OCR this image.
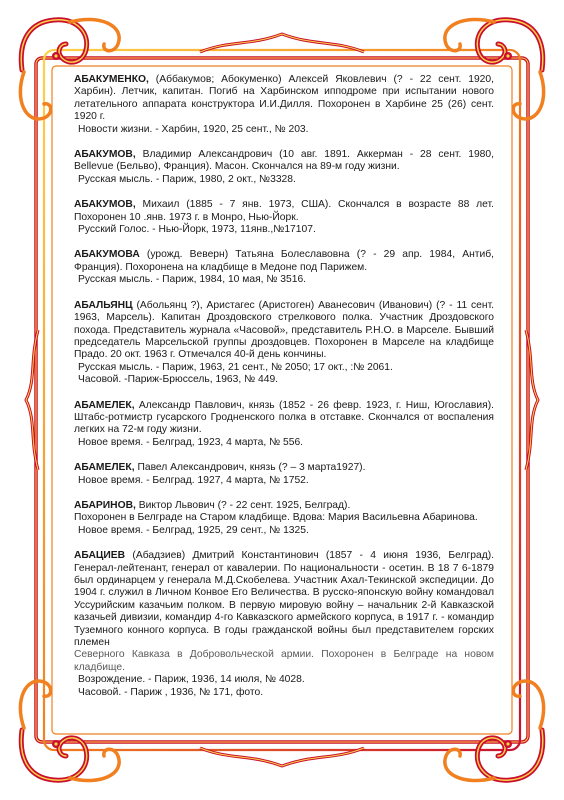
АБАКУМЕНКО, (Аббакумов; Абокуменко) Алексей Яковлевич (? - 22 сент. 1920, Харбин). Летчик, капитан. Погиб на Харбинском ипподроме при испытании нового летательного аппарата конструктора И.И.Дилля. Похоронен в Харбине 25 (26) сент. 1920 г.

Новости жизни. - Харбин, 1920, 25 сент., № 203.

АБАКУМОВ, Владимир Александрович (10 авг. 1891. Аккерман - 28 сент. 1980, Bellevue (Бельво), Франция). Масон. Скончался на 89-м году жизни.

Русская мысль. - Париж, 1980, 2 окт., №3328.

АБАКУМОВ, Михаил (1885 - 7 янв. 1973, США). Скончался в возрасте 88 лет. Похоронен 10 .янв. 1973 г. в Монро, Нью-Йорк.

Русский Голос. - Нью-Йорк, 1973, 11янв.,№17107.

АБАКУМОВА (урожд. Веверн) Татьяна Болеславовна (? - 29 апр. 1984, Антиб, Франция). Похоронена на кладбище в Медоне под Парижем.

Русская мысль. - Париж, 1984, 10 мая, № 3516.

АБАЛЬЯНЦ (Абольянц ?), Аристагес (Аристоген) Аванесович (Иванович) (? - 11 сент. 1963, Марсель). Капитан Дроздовского стрелкового полка. Участник Дроздовского похода. Представитель журнала «Часовой», представитель Р.Н.О. в Марселе. Бывший председатель Марсельской группы дроздовцев. Похоронен в Марселе на кладбище Прадо. 20 окт. 1963 г. Отмечался 40-й день кончины.

Русская мысль. - Париж, 1963, 21 сент., № 2050; 17 окт., :№ 2061.

Часовой. -Париж-Брюссель, 1963, № 449.

АБАМЕЛЕК, Александр Павлович, князь (1852 - 26 февр. 1923, г. Ниш, Югославия). Штабс-ротмистр гусарского Гродненского полка в отставке. Скончался от воспаления легких на 72-м году жизни.

Новое время. - Белград, 1923, 4 марта, № 556.

АБАМЕЛЕК, Павел Александрович, князь (? – 3 марта1927).

Новое время. - Белград. 1927, 4 марта, № 1752.

АБАРИНОВ, Виктор Львович (? - 22 сент. 1925, Белград).

Похоронен в Белграде на Старом кладбище. Вдова: Мария Васильевна Абаринова.

Новое время. - Белград, 1925, 29 сент., № 1325.

АБАЦИЕВ (Абадзиев) Дмитрий Константинович (1857 - 4 июня 1936, Белград). Генерал-лейтенант, генерал от кавалерии. По национальности - осетин. В 18 7 6-1879 был ординарцем у генерала М.Д.Скобелева. Участник Ахал-Текинской экспедиции. До 1904 г. служил в Личном Конвое Его Величества. В русско-японскую войну командовал Уссурийским казачьим полком. В первую мировую войну – начальник 2-й Кавказской казачьей дивизии, командир 4-го Кавказского армейского корпуса, в 1917 г. - командир Туземного конного корпуса. В годы гражданской войны был представителем горских племен

Северного Кавказа в Добровольческой армии. Похоронен в Белграде на новом кладбище.

Возрождение. - Париж, 1936, 14 июля, № 4028.

Часовой. - Париж , 1936, № 171, фото.
